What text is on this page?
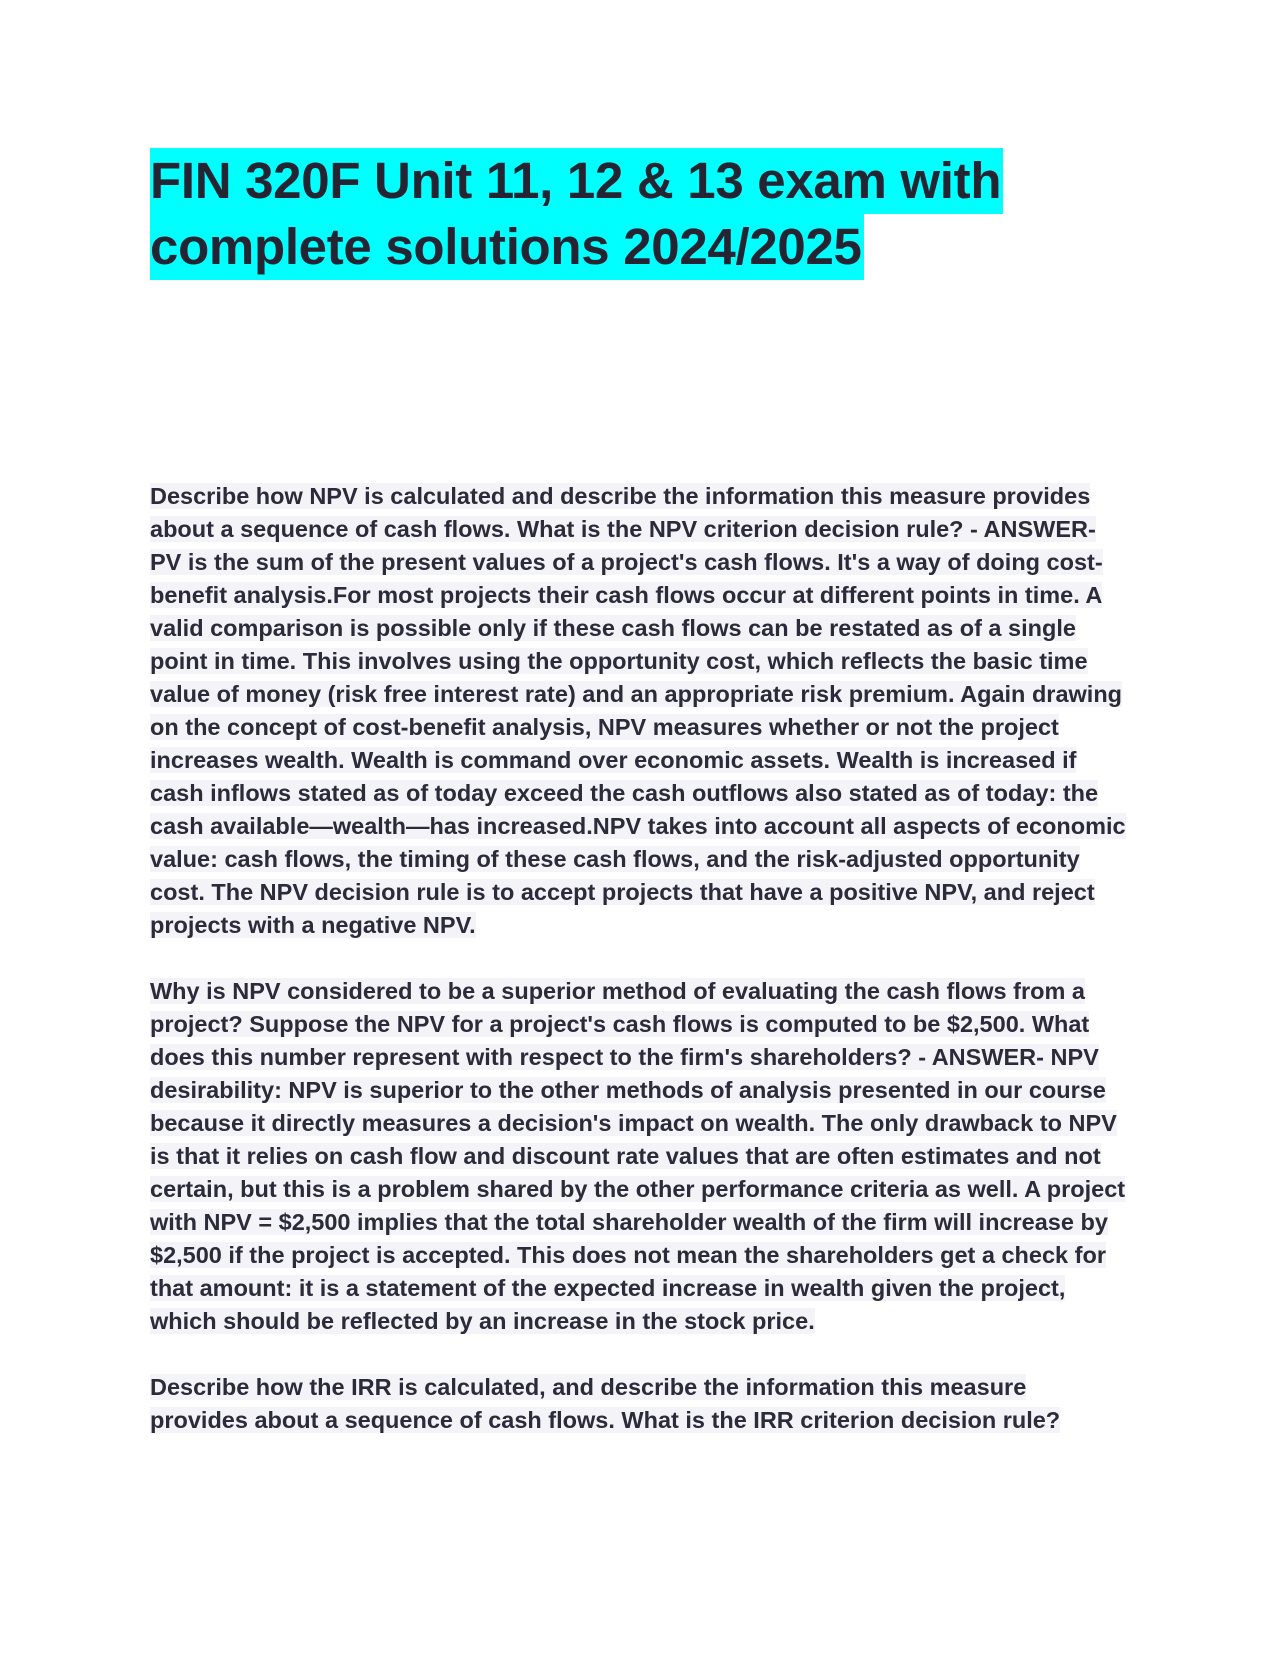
FIN 320F Unit 11, 12 & 13 exam with
complete solutions 2024/2025

Describe how NPV is calculated and describe the information this measure provides about a sequence of cash flows. What is the NPV criterion decision rule? - ANSWER- PV is the sum of the present values of a project's cash flows. It's a way of doing cost-benefit analysis.For most projects their cash flows occur at different points in time. A valid comparison is possible only if these cash flows can be restated as of a single point in time. This involves using the opportunity cost, which reflects the basic time value of money (risk free interest rate) and an appropriate risk premium. Again drawing on the concept of cost-benefit analysis, NPV measures whether or not the project increases wealth. Wealth is command over economic assets. Wealth is increased if cash inflows stated as of today exceed the cash outflows also stated as of today: the cash available—wealth—has increased.NPV takes into account all aspects of economic value: cash flows, the timing of these cash flows, and the risk-adjusted opportunity cost. The NPV decision rule is to accept projects that have a positive NPV, and reject projects with a negative NPV.

Why is NPV considered to be a superior method of evaluating the cash flows from a project? Suppose the NPV for a project's cash flows is computed to be $2,500. What does this number represent with respect to the firm's shareholders? - ANSWER- NPV desirability: NPV is superior to the other methods of analysis presented in our course because it directly measures a decision's impact on wealth. The only drawback to NPV is that it relies on cash flow and discount rate values that are often estimates and not certain, but this is a problem shared by the other performance criteria as well. A project with NPV = $2,500 implies that the total shareholder wealth of the firm will increase by $2,500 if the project is accepted. This does not mean the shareholders get a check for that amount: it is a statement of the expected increase in wealth given the project, which should be reflected by an increase in the stock price.

Describe how the IRR is calculated, and describe the information this measure provides about a sequence of cash flows. What is the IRR criterion decision rule?
